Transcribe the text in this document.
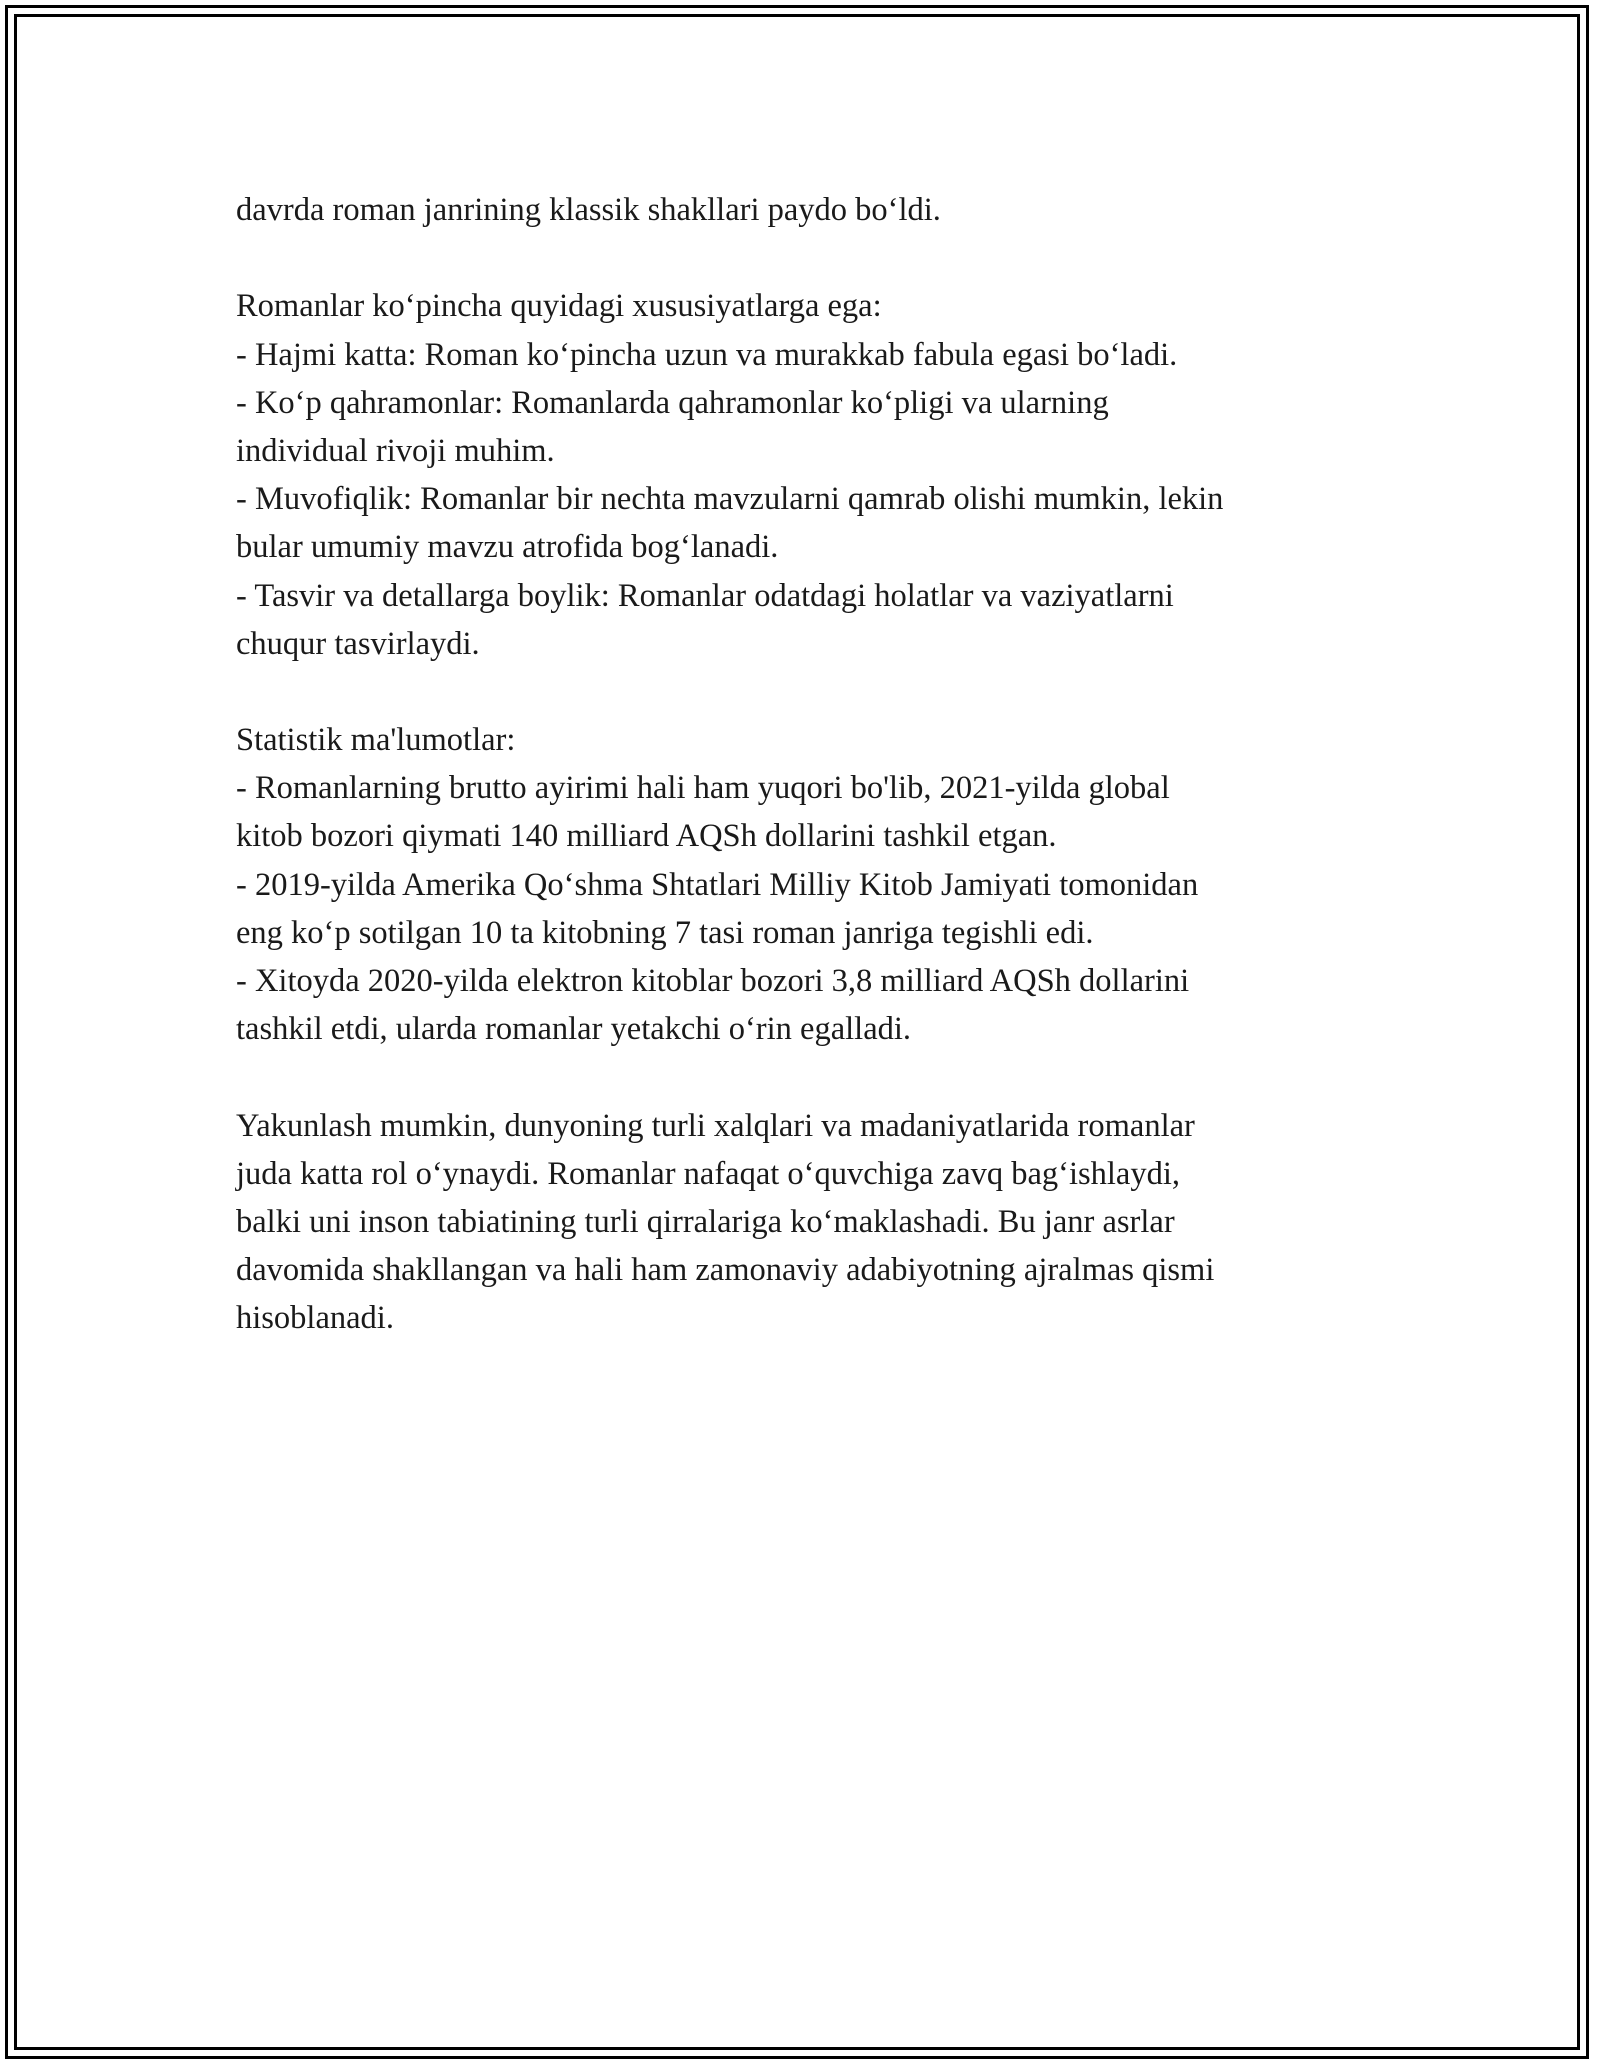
davrda roman janrining klassik shakllari paydo boʻldi.
Romanlar koʻpincha quyidagi xususiyatlarga ega:
- Hajmi katta: Roman koʻpincha uzun va murakkab fabula egasi boʻladi.
- Koʻp qahramonlar: Romanlarda qahramonlar koʻpligi va ularning
individual rivoji muhim.
- Muvofiqlik: Romanlar bir nechta mavzularni qamrab olishi mumkin, lekin
bular umumiy mavzu atrofida bogʻlanadi.
- Tasvir va detallarga boylik: Romanlar odatdagi holatlar va vaziyatlarni
chuqur tasvirlaydi.
Statistik ma'lumotlar:
- Romanlarning brutto ayirimi hali ham yuqori bo'lib, 2021-yilda global
kitob bozori qiymati 140 milliard AQSh dollarini tashkil etgan.
- 2019-yilda Amerika Qoʻshma Shtatlari Milliy Kitob Jamiyati tomonidan
eng koʻp sotilgan 10 ta kitobning 7 tasi roman janriga tegishli edi.
- Xitoyda 2020-yilda elektron kitoblar bozori 3,8 milliard AQSh dollarini
tashkil etdi, ularda romanlar yetakchi oʻrin egalladi.
Yakunlash mumkin, dunyoning turli xalqlari va madaniyatlarida romanlar
juda katta rol oʻynaydi. Romanlar nafaqat oʻquvchiga zavq bagʻishlaydi,
balki uni inson tabiatining turli qirralariga koʻmaklashadi. Bu janr asrlar
davomida shakllangan va hali ham zamonaviy adabiyotning ajralmas qismi
hisoblanadi.
